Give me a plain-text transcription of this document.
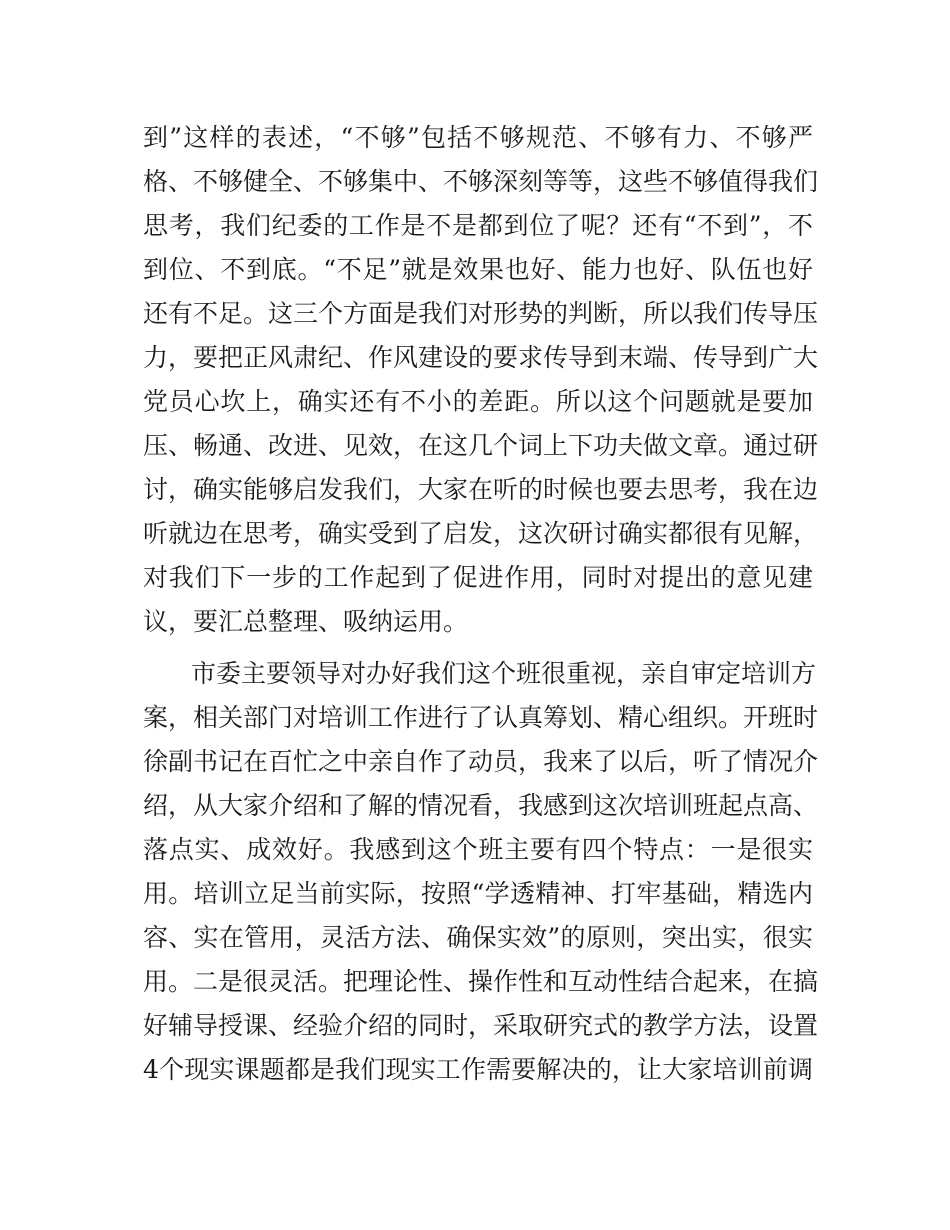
到”这样的表述，“不够”包括不够规范、不够有力、不够严
格、不够健全、不够集中、不够深刻等等，这些不够值得我们
思考，我们纪委的工作是不是都到位了呢？还有“不到”，不
到位、不到底。“不足”就是效果也好、能力也好、队伍也好
还有不足。这三个方面是我们对形势的判断，所以我们传导压
力，要把正风肃纪、作风建设的要求传导到末端、传导到广大
党员心坎上，确实还有不小的差距。所以这个问题就是要加
压、畅通、改进、见效，在这几个词上下功夫做文章。通过研
讨，确实能够启发我们，大家在听的时候也要去思考，我在边
听就边在思考，确实受到了启发，这次研讨确实都很有见解，
对我们下一步的工作起到了促进作用，同时对提出的意见建
议，要汇总整理、吸纳运用。
市委主要领导对办好我们这个班很重视，亲自审定培训方
案，相关部门对培训工作进行了认真筹划、精心组织。开班时
徐副书记在百忙之中亲自作了动员，我来了以后，听了情况介
绍，从大家介绍和了解的情况看，我感到这次培训班起点高、
落点实、成效好。我感到这个班主要有四个特点：一是很实
用。培训立足当前实际，按照“学透精神、打牢基础，精选内
容、实在管用，灵活方法、确保实效”的原则，突出实，很实
用。二是很灵活。把理论性、操作性和互动性结合起来，在搞
好辅导授课、经验介绍的同时，采取研究式的教学方法，设置
4个现实课题都是我们现实工作需要解决的，让大家培训前调
